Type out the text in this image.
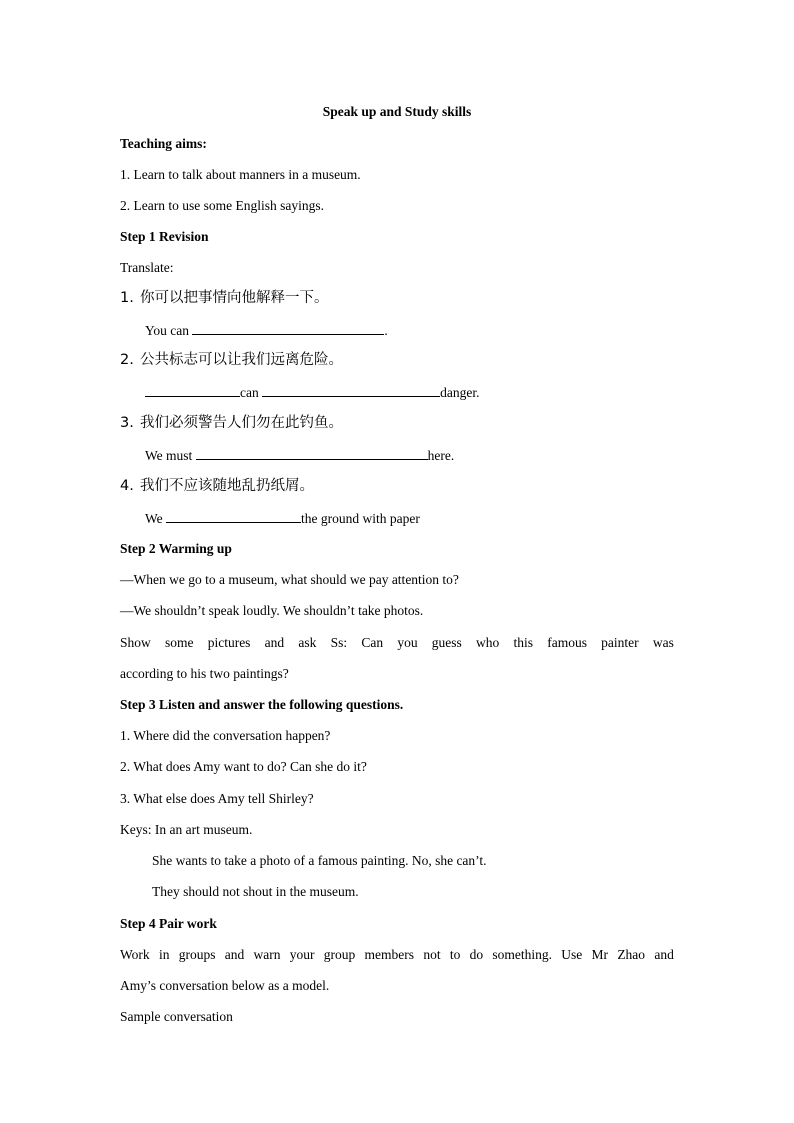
Speak up and Study skills
Teaching aims:
1. Learn to talk about manners in a museum.
2. Learn to use some English sayings.
Step 1 Revision
Translate:
1. 你可以把事情向他解释一下。
You can	.
2. 公共标志可以让我们远离危险。
can	danger.
3. 我们必须警告人们勿在此钓鱼。
We must	here.
4. 我们不应该随地乱扔纸屑。
We	the ground with paper
Step 2 Warming up
—When we go to a museum, what should we pay attention to?
—We shouldn’t speak loudly. We shouldn’t take photos.
Show some pictures and ask Ss: Can you guess who this famous painter was
according to his two paintings?
Step 3 Listen and answer the following questions.
1. Where did the conversation happen?
2. What does Amy want to do? Can she do it?
3. What else does Amy tell Shirley?
Keys: In an art museum.
She wants to take a photo of a famous painting. No, she can’t.
They should not shout in the museum.
Step 4 Pair work
Work in groups and warn your group members not to do something. Use Mr Zhao and
Amy’s conversation below as a model.
Sample conversation
